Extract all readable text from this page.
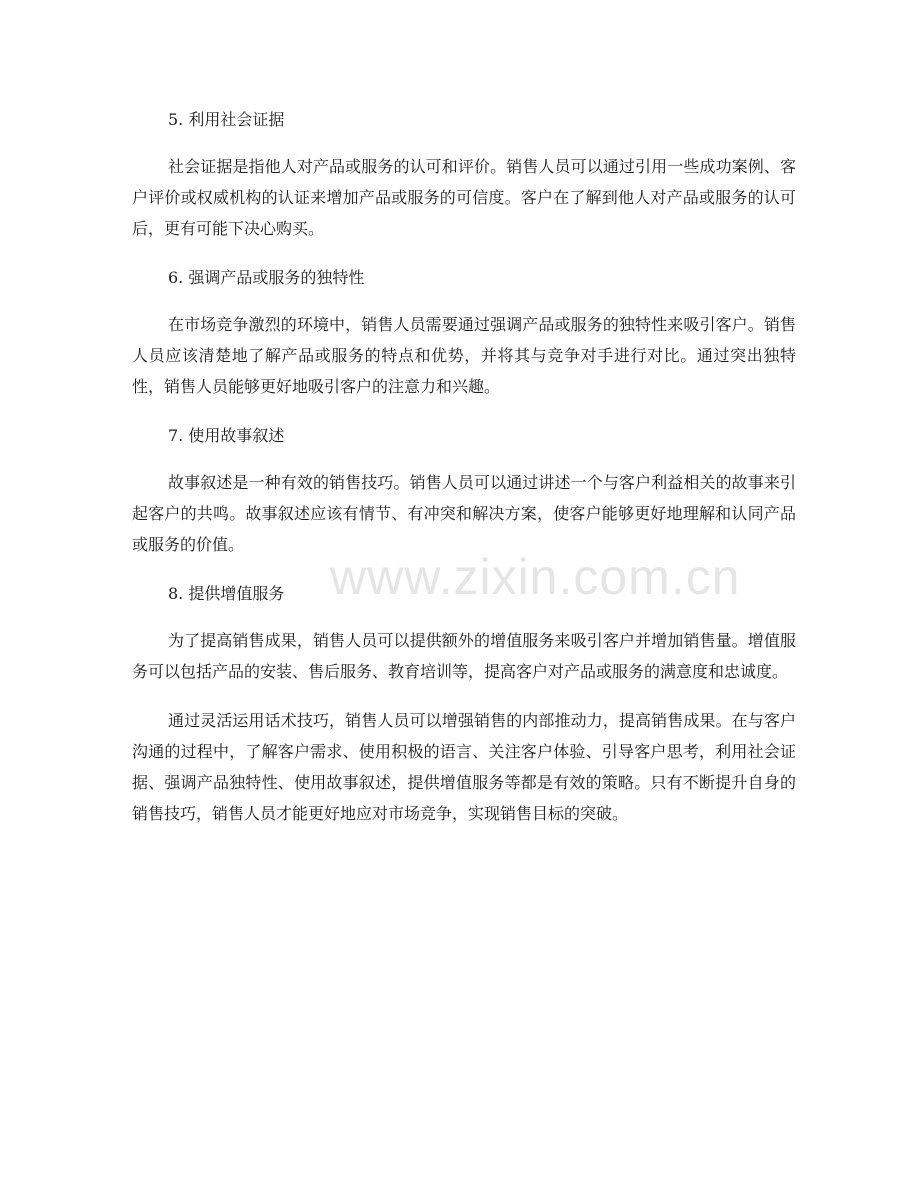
5. 利用社会证据

社会证据是指他人对产品或服务的认可和评价。销售人员可以通过引用一些成功案例、客户评价或权威机构的认证来增加产品或服务的可信度。客户在了解到他人对产品或服务的认可后，更有可能下决心购买。

6. 强调产品或服务的独特性

在市场竞争激烈的环境中，销售人员需要通过强调产品或服务的独特性来吸引客户。销售人员应该清楚地了解产品或服务的特点和优势，并将其与竞争对手进行对比。通过突出独特性，销售人员能够更好地吸引客户的注意力和兴趣。

7. 使用故事叙述

故事叙述是一种有效的销售技巧。销售人员可以通过讲述一个与客户利益相关的故事来引起客户的共鸣。故事叙述应该有情节、有冲突和解决方案，使客户能够更好地理解和认同产品或服务的价值。

8. 提供增值服务

为了提高销售成果，销售人员可以提供额外的增值服务来吸引客户并增加销售量。增值服务可以包括产品的安装、售后服务、教育培训等，提高客户对产品或服务的满意度和忠诚度。

通过灵活运用话术技巧，销售人员可以增强销售的内部推动力，提高销售成果。在与客户沟通的过程中，了解客户需求、使用积极的语言、关注客户体验、引导客户思考，利用社会证据、强调产品独特性、使用故事叙述，提供增值服务等都是有效的策略。只有不断提升自身的销售技巧，销售人员才能更好地应对市场竞争，实现销售目标的突破。

www.zixin.com.cn
